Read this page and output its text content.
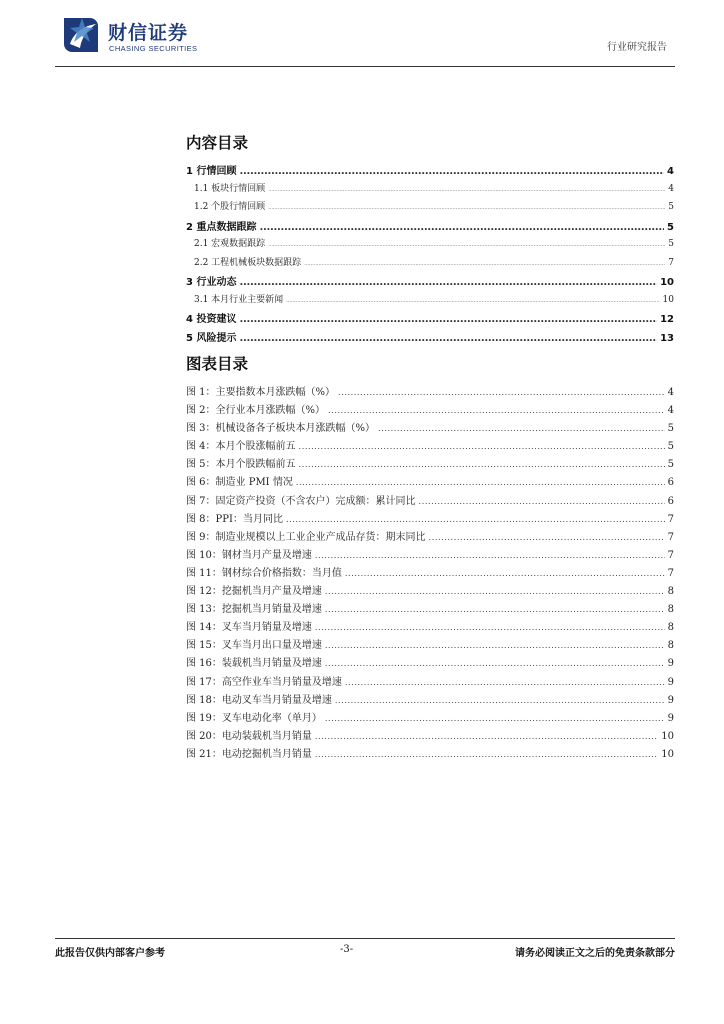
财信证券
CHASING SECURITIES	行业研究报告
内容目录
1 行情回顾 .....	4
1.1 板块行情回顾 .....	4
1.2 个股行情回顾 .....	5
2 重点数据跟踪 .....	5
2.1 宏观数据跟踪 .....	5
2.2 工程机械板块数据跟踪 .....	7
3 行业动态 .....	10
3.1 本月行业主要新闻 .....	10
4 投资建议 .....	12
5 风险提示 .....	13
图表目录
图 1：主要指数本月涨跌幅（%） .....	4
图 2：全行业本月涨跌幅（%） .....	4
图 3：机械设备各子板块本月涨跌幅（%） .....	5
图 4：本月个股涨幅前五 .....	5
图 5：本月个股跌幅前五 .....	5
图 6：制造业 PMI 情况 .....	6
图 7：固定资产投资（不含农户）完成额：累计同比 .....	6
图 8：PPI：当月同比 .....	7
图 9：制造业规模以上工业企业产成品存货：期末同比 .....	7
图 10：钢材当月产量及增速 .....	7
图 11：钢材综合价格指数：当月值 .....	7
图 12：挖掘机当月产量及增速 .....	8
图 13：挖掘机当月销量及增速 .....	8
图 14：叉车当月销量及增速 .....	8
图 15：叉车当月出口量及增速 .....	8
图 16：装载机当月销量及增速 .....	9
图 17：高空作业车当月销量及增速 .....	9
图 18：电动叉车当月销量及增速 .....	9
图 19：叉车电动化率（单月） .....	9
图 20：电动装载机当月销量 .....	10
图 21：电动挖掘机当月销量 .....	10
此报告仅供内部客户参考	-3-	请务必阅读正文之后的免责条款部分
